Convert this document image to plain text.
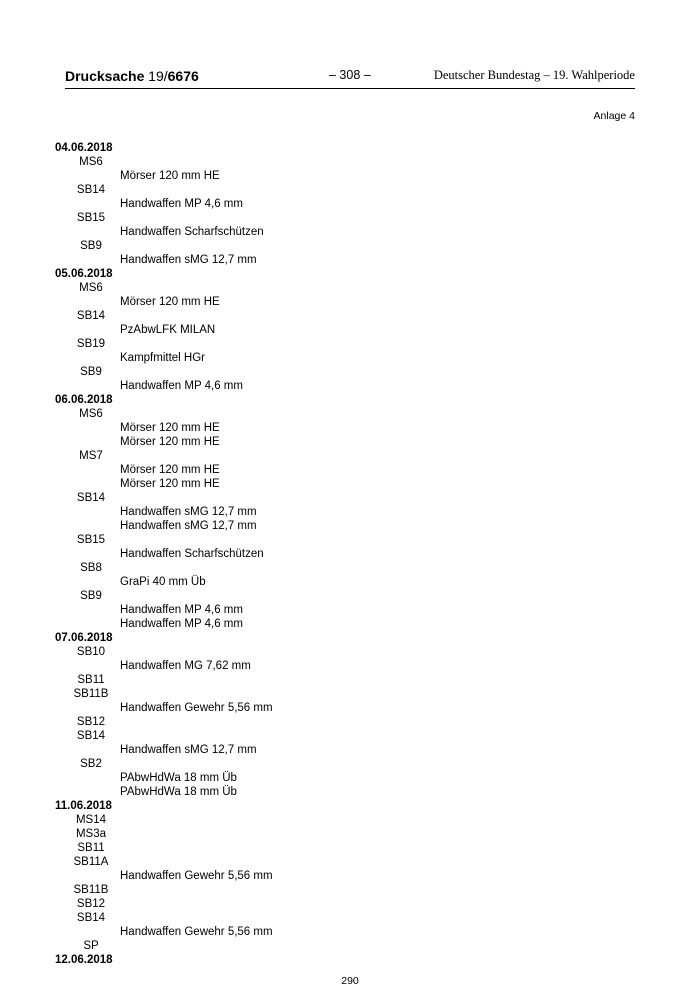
Drucksache 19/6676	– 308 –	Deutscher Bundestag – 19. Wahlperiode
Anlage 4
04.06.2018
MS6
Mörser 120 mm HE
SB14
Handwaffen MP 4,6 mm
SB15
Handwaffen Scharfschützen
SB9
Handwaffen sMG 12,7 mm
05.06.2018
MS6
Mörser 120 mm HE
SB14
PzAbwLFK MILAN
SB19
Kampfmittel HGr
SB9
Handwaffen MP 4,6 mm
06.06.2018
MS6
Mörser 120 mm HE
Mörser 120 mm HE
MS7
Mörser 120 mm HE
Mörser 120 mm HE
SB14
Handwaffen sMG 12,7 mm
Handwaffen sMG 12,7 mm
SB15
Handwaffen Scharfschützen
SB8
GraPi 40 mm Üb
SB9
Handwaffen MP 4,6 mm
Handwaffen MP 4,6 mm
07.06.2018
SB10
Handwaffen MG 7,62 mm
SB11
SB11B
Handwaffen Gewehr 5,56 mm
SB12
SB14
Handwaffen sMG 12,7 mm
SB2
PAbwHdWa 18 mm Üb
PAbwHdWa 18 mm Üb
11.06.2018
MS14
MS3a
SB11
SB11A
Handwaffen Gewehr 5,56 mm
SB11B
SB12
SB14
Handwaffen Gewehr 5,56 mm
SP
12.06.2018
290
